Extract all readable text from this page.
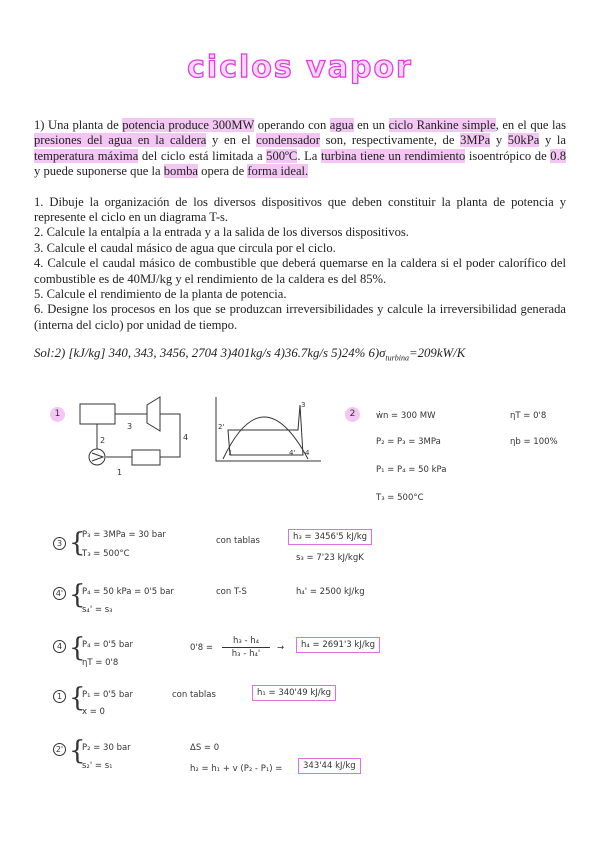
ciclos vapor

1) Una planta de potencia produce 300MW operando con agua en un ciclo Rankine simple, en el que las presiones del agua en la caldera y en el condensador son, respectivamente, de 3MPa y 50kPa y la temperatura máxima del ciclo está limitada a 500ºC. La turbina tiene un rendimiento isoentrópico de 0.8 y puede suponerse que la bomba opera de forma ideal.

1. Dibuje la organización de los diversos dispositivos que deben constituir la planta de potencia y represente el ciclo en un diagrama T-s.

2. Calcule la entalpía a la entrada y a la salida de los diversos dispositivos.

3. Calcule el caudal másico de agua que circula por el ciclo.

4. Calcule el caudal másico de combustible que deberá quemarse en la caldera si el poder calorífico del combustible es de 40MJ/kg y el rendimiento de la caldera es del 85%.

5. Calcule el rendimiento de la planta de potencia.

6. Designe los procesos en los que se produzcan irreversibilidades y calcule la irreversibilidad generada (interna del ciclo) por unidad de tiempo.

Sol:2) [kJ/kg] 340, 343, 3456, 2704 3)401kg/s 4)36.7kg/s 5)24% $6)\sigma_{turbina}=209kW/K$

1	2
3
4
2
1
2'
3
1	4' 4
ẇn = 300 MW
P₂ = P₃ = 3MPa
P₁ = P₄ = 50 kPa
T₃ = 500°C
ηT = 0'8
ηb = 100%
3 {
P₃ = 3MPa = 30 bar
T₃ = 500°C
con tablas	h₃ = 3456'5 kJ/kg
s₃ = 7'23 kJ/kgK
4' {
P₄ = 50 kPa = 0'5 bar
s₄' = s₃
con T-S	h₄' = 2500 kJ/kg
4 {
P₄ = 0'5 bar
ηT = 0'8
0'8 =
h₃ - h₄
h₃ - h₄'
→	h₄ = 2691'3 kJ/kg
1 {
P₁ = 0'5 bar
x = 0
con tablas	h₁ = 340'49 kJ/kg
2' {
P₂ = 30 bar
s₂' = s₁
ΔS = 0
h₂ = h₁ + v (P₂ - P₁) =	343'44 kJ/kg
